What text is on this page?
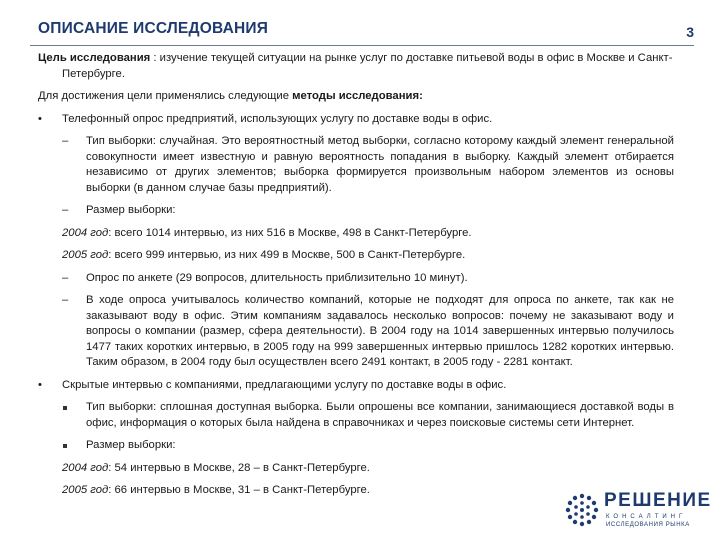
ОПИСАНИЕ ИССЛЕДОВАНИЯ	3

Цель исследования : изучение текущей ситуации на рынке услуг по доставке питьевой воды в офис в Москве и Санкт-Петербурге.

Для достижения цели применялись следующие методы исследования:

• Телефонный опрос предприятий, использующих услугу по доставке воды в офис.
– Тип выборки: случайная. Это вероятностный метод выборки, согласно которому каждый элемент генеральной совокупности имеет известную и равную вероятность попадания в выборку. Каждый элемент отбирается независимо от других элементов; выборка формируется произвольным набором элементов из основы выборки (в данном случае базы предприятий).
– Размер выборки:

2004 год: всего 1014 интервью, из них 516 в Москве, 498 в Санкт-Петербурге.

2005 год: всего 999 интервью, из них 499 в Москве, 500 в Санкт-Петербурге.

– Опрос по анкете (29 вопросов, длительность приблизительно 10 минут).
– В ходе опроса учитывалось количество компаний, которые не подходят для опроса по анкете, так как не заказывают воду в офис. Этим компаниям задавалось несколько вопросов: почему не заказывают воду и вопросы о компании (размер, сфера деятельности). В 2004 году на 1014 завершенных интервью получилось 1477 таких коротких интервью, в 2005 году на 999 завершенных интервью пришлось 1282 коротких интервью. Таким образом, в 2004 году был осуществлен всего 2491 контакт, в 2005 году - 2281 контакт.
• Скрытые интервью с компаниями, предлагающими услугу по доставке воды в офис.
Тип выборки: сплошная доступная выборка. Были опрошены все компании, занимающиеся доставкой воды в офис, информация о которых была найдена в справочниках и через поисковые системы сети Интернет.
Размер выборки:

2004 год: 54 интервью в Москве, 28 – в Санкт-Петербурге.

2005 год: 66 интервью в Москве, 31 – в Санкт-Петербурге.	РЕШЕНИЕ
КОНСАЛТИНГ
ИССЛЕДОВАНИЯ РЫНКА
